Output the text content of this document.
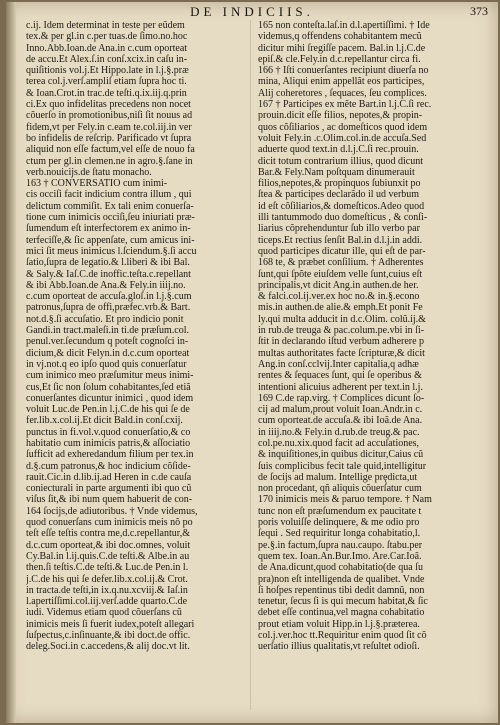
DE INDICIIS.	373
c.ij. Idem determinat in teste per eũdem
tex.& per gl.in c.per tuas.de ſimo.no.hoc
Inno.Abb.Ioan.de Ana.in c.cum oporteat
de accu.Et Alex.ſ.in conſ.xcix.in caſu in-
quiſitionis vol.j.Et Hippo.late in l.j.§.præ
terea col.j.verſ.ampliſ etiam ſupra hoc ti.
& Ioan.Crot.in trac.de teſti.q.ix.iij.q.prin
ci.Ex quo infidelitas precedens non nocet
cõuerſo in promotionibus,niſi ſit nouus ad
fidem,vt per Fely.in c.eam te.col.iij.in ver
bo infidelis de reſcrip. Parificado vt ſupra
aliquid non eſſe factum,vel eſſe de nouo fa
ctum per gl.in clemen.ne in agro.§.ſane in
verb.nouicijs.de ſtatu monacho.
163 † CONVERSATIO cum inimi-
cis occiſi facit indicium contra illum , qui
delictum commiſit. Ex tali enim conuerſa-
tione cum inimicis occiſi,ſeu iniuriati præ-
ſumendum eſt interfectorem ex animo in-
terfeciſſe,& ſic appenſate, cum amicus ini-
mici ſit meus inimicus l.ſciendum.§.ſi accu
ſatio,ſupra de legatio.& l.liberi & ibi Bal.
& Saly.& Iaſ.C.de inoffic.teſta.c.repellant
& ibi Abb.Ioan.de Ana.& Fely.in iiij.no.
c.cum oporteat de accuſa.gloſ.in l.j.§.cum
patronus,ſupra de offi,præfec.vrb.& Bart.
not.d.§.ſi accuſatio. Et pro indicio ponit
Gandi.in tract.maleſi.in ti.de præſum.col.
penul.ver.ſecundum q poteſt cognoſci in-
dicium,& dicit Felyn.in d.c.cum oporteat
in vj.not.q eo ipſo quod quis conuerſatur
cum inimico meo præſumitur meus inimi-
cus,Et ſic non ſolum cohabitantes,ſed etiã
conuerſantes dicuntur inimici , quod idem
voluit Luc.de Pen.in l.j.C.de his qui ſe de
fer.lib.x.col.ij.Et dicit Bald.in conſ.cxij.
punctus in fi.vol.v.quod conuerſatio,& co
habitatio cum inimicis patris,& aſſociatio
ſufficit ad exheredandum filium per tex.in
d.§.cum patronus,& hoc indicium cõſide-
rauit.Cic.in d.lib.ij.ad Heren in c.de cauſa
coniecturali in parte argumenti ibi quo cũ
viſus ſit,& ibi num quem habuerit de con-
164 ſocijs,de adiutoribus. † Vnde videmus,
quod conuerſans cum inimicis meis nõ po
teſt eſſe teſtis contra me,d.c.repellantur,&
d.c.cum oporteat,& ibi doc.omnes, voluit
Cy.Bal.in l.ij.quis.C.de teſti.& Albe.in au
then.ſi teſtis.C.de teſti.& Luc.de Pen.in l.
j.C.de his qui ſe defer.lib.x.col.ij.& Crot.
in tracta.de teſti,in ix.q.nu.xcviij.& Iaſ.in
l.apertiſſimi.col.iij.verſ.adde quarto.C.de
iudi. Videmus etiam quod cõuerſans cũ
inimicis meis ſi fuerit iudex,poteſt allegari
ſuſpectus,c.inſinuante,& ibi doct.de offic.
deleg.Soci.in c.accedens,& alij doc.vt lit.
165 non conteſta.laſ.in d.l.apertiſſimi. † Ide
videmus,q offendens cohabitantem mecũ
dicitur mihi ſregiſſe pacem. Bal.in l.j.C.de
epiſ.& cle.Fely.in d.c.repellantur circa fi.
166 † Iſti conuerſantes recipiunt diuerſa no
mina, Aliqui enim appellãt eos participes,
Alij coheretores , ſequaces, ſeu complices.
167 † Participes ex mẽte Bart.in l.j.C.ſi rec.
prouin.dicit eſſe filios, nepotes,& propin-
quos cõſiliarios , ac domeſticos quod idem
voluit Fely.in .c.Olim.col.in.de accuſa.Sed
aduerte quod text.in d.l.j.C.ſi rec.prouin.
dicit totum contrarium illius, quod dicunt
Bar.& Fely.Nam poſtquam dinumerauit
filios,nepotes,& propinquos ſubiunxit po
ſtea & participes declarãdo il ud verbum
id eſt cõſiliarios,& domeſticos.Adeo quod
illi tantummodo duo domeſticus , & conſi-
liarius cõprehenduntur ſub illo verbo par
ticeps.Et rectius ſenſit Bal.in d.l.j.in addi.
quod participes dicatur ille, qui eſt de par-
168 te, & præbet conſilium. † Adherentes
ſunt,qui ſpõte eiuſdem velle ſunt,cuius eſt
principalis,vt dicit Ang.in authen.de her.
& falci.col.ij.ver.ex hoc no.& in.§.econo
mis.in authen.de alie.& emph.Et ponit Fe
ly.qui multa adducit in d.c.Olim. colũ.ij.&
in rub.de treuga & pac.colum.pe.vbi in ſi-
ſtit in declarando iſtud verbum adherere p
multas authoritates facte ſcripturæ,& dicit
Ang.in conſ.cclvij.Inter capitalia,q adhæ
rentes & ſequaces ſunt, qui ſe operibus &
intentioni alicuius adherent per text.in l.j.
169 C.de rap.virg. † Complices dicunt ſo-
cij ad malum,prout voluit Ioan.Andr.in c.
cum oporteat.de accuſa.& ibi Ioã.de Ana.
in iiij.no.& Fely.in d.rub.de treug.& pac.
col.pe.nu.xix.quod facit ad accuſationes,
& inquiſitiones,in quibus dicitur,Caius cũ
ſuis complicibus fecit tale quid,intelligitur
de ſocijs ad malum. Intellige prędicta,ut
non procedant, qñ aliquis cõuerſatur cum
170 inimicis meis & paruo tempore. † Nam
tunc non eſt præſumendum ex paucitate t
poris voluiſſe delinquere, & me odio pro
ſequi . Sed requiritur longa cohabitatio,l.
pe.§.in factum,ſupra nau.caupo. ſtabu.per
quem tex. Ioan.An.Bur.Imo. Are.Car.Ioã.
de Ana.dicunt,quod cohabitatio(de qua ſu
pra)non eſt intelligenda de qualibet. Vnde
ſi hoſpes repentinus tibi dedit damnũ, non
tenetur, ſecus ſi is qui mecum habitat,& ſic
debet eſſe continua,vel magna cohabitatio
prout etiam voluit Hipp.in l.j.§.præterea.
col.j.ver.hoc tt.Requiritur enim quod ſit cõ
uerſatio illius qualitatis,vt reſultet odioſi.
